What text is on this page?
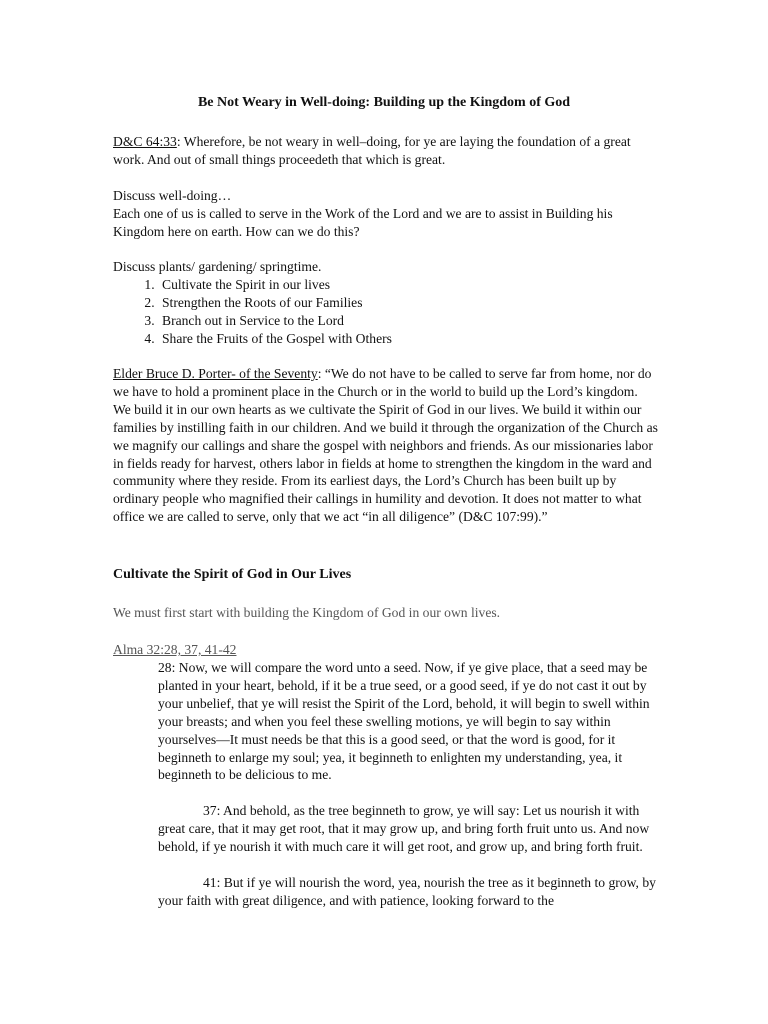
Be Not Weary in Well-doing: Building up the Kingdom of God
D&C 64:33: Wherefore, be not weary in well–doing, for ye are laying the foundation of a great work. And out of small things proceedeth that which is great.
Discuss well-doing…
Each one of us is called to serve in the Work of the Lord and we are to assist in Building his Kingdom here on earth. How can we do this?
Discuss plants/ gardening/ springtime.
1. Cultivate the Spirit in our lives
2. Strengthen the Roots of our Families
3. Branch out in Service to the Lord
4. Share the Fruits of the Gospel with Others
Elder Bruce D. Porter- of the Seventy: “We do not have to be called to serve far from home, nor do we have to hold a prominent place in the Church or in the world to build up the Lord’s kingdom. We build it in our own hearts as we cultivate the Spirit of God in our lives. We build it within our families by instilling faith in our children. And we build it through the organization of the Church as we magnify our callings and share the gospel with neighbors and friends. As our missionaries labor in fields ready for harvest, others labor in fields at home to strengthen the kingdom in the ward and community where they reside. From its earliest days, the Lord’s Church has been built up by ordinary people who magnified their callings in humility and devotion. It does not matter to what office we are called to serve, only that we act “in all diligence” (D&C 107:99).”
Cultivate the Spirit of God in Our Lives
We must first start with building the Kingdom of God in our own lives.
Alma 32:28, 37, 41-42
28: Now, we will compare the word unto a seed. Now, if ye give place, that a seed may be planted in your heart, behold, if it be a true seed, or a good seed, if ye do not cast it out by your unbelief, that ye will resist the Spirit of the Lord, behold, it will begin to swell within your breasts; and when you feel these swelling motions, ye will begin to say within yourselves—It must needs be that this is a good seed, or that the word is good, for it beginneth to enlarge my soul; yea, it beginneth to enlighten my understanding, yea, it beginneth to be delicious to me.
37: And behold, as the tree beginneth to grow, ye will say: Let us nourish it with great care, that it may get root, that it may grow up, and bring forth fruit unto us. And now behold, if ye nourish it with much care it will get root, and grow up, and bring forth fruit.
41: But if ye will nourish the word, yea, nourish the tree as it beginneth to grow, by your faith with great diligence, and with patience, looking forward to the
